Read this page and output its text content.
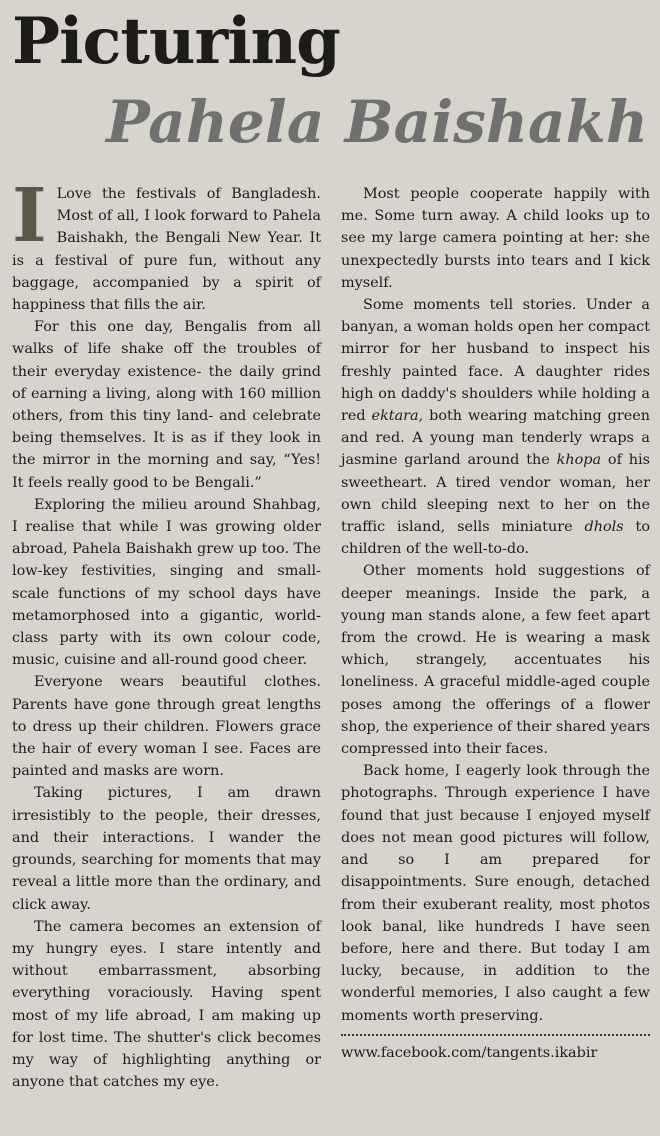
Picturing
Pahela Baishakh

I Love the festivals of Bangladesh. Most of all, I look forward to Pahela Baishakh, the Bengali New Year. It is a festival of pure fun, without any baggage, accompanied by a spirit of happiness that fills the air.

For this one day, Bengalis from all walks of life shake off the troubles of their everyday existence- the daily grind of earning a living, along with 160 million others, from this tiny land- and celebrate being themselves. It is as if they look in the mirror in the morning and say, “Yes! It feels really good to be Bengali.”

Exploring the milieu around Shahbag, I realise that while I was growing older abroad, Pahela Baishakh grew up too. The low-key festivities, singing and small-scale functions of my school days have metamorphosed into a gigantic, world-class party with its own colour code, music, cuisine and all-round good cheer.

Everyone wears beautiful clothes. Parents have gone through great lengths to dress up their children. Flowers grace the hair of every woman I see. Faces are painted and masks are worn.

Taking pictures, I am drawn irresistibly to the people, their dresses, and their interactions. I wander the grounds, searching for moments that may reveal a little more than the ordinary, and click away.

The camera becomes an extension of my hungry eyes. I stare intently and without embarrassment, absorbing everything voraciously. Having spent most of my life abroad, I am making up for lost time. The shutter's click becomes my way of highlighting anything or anyone that catches my eye.

Most people cooperate happily with me. Some turn away. A child looks up to see my large camera pointing at her: she unexpectedly bursts into tears and I kick myself.

Some moments tell stories. Under a banyan, a woman holds open her compact mirror for her husband to inspect his freshly painted face. A daughter rides high on daddy's shoulders while holding a red ektara, both wearing matching green and red. A young man tenderly wraps a jasmine garland around the khopa of his sweetheart. A tired vendor woman, her own child sleeping next to her on the traffic island, sells miniature dhols to children of the well-to-do.

Other moments hold suggestions of deeper meanings. Inside the park, a young man stands alone, a few feet apart from the crowd. He is wearing a mask which, strangely, accentuates his loneliness. A graceful middle-aged couple poses among the offerings of a flower shop, the experience of their shared years compressed into their faces.

Back home, I eagerly look through the photographs. Through experience I have found that just because I enjoyed myself does not mean good pictures will follow, and so I am prepared for disappointments. Sure enough, detached from their exuberant reality, most photos look banal, like hundreds I have seen before, here and there. But today I am lucky, because, in addition to the wonderful memories, I also caught a few moments worth preserving.

www.facebook.com/tangents.ikabir
